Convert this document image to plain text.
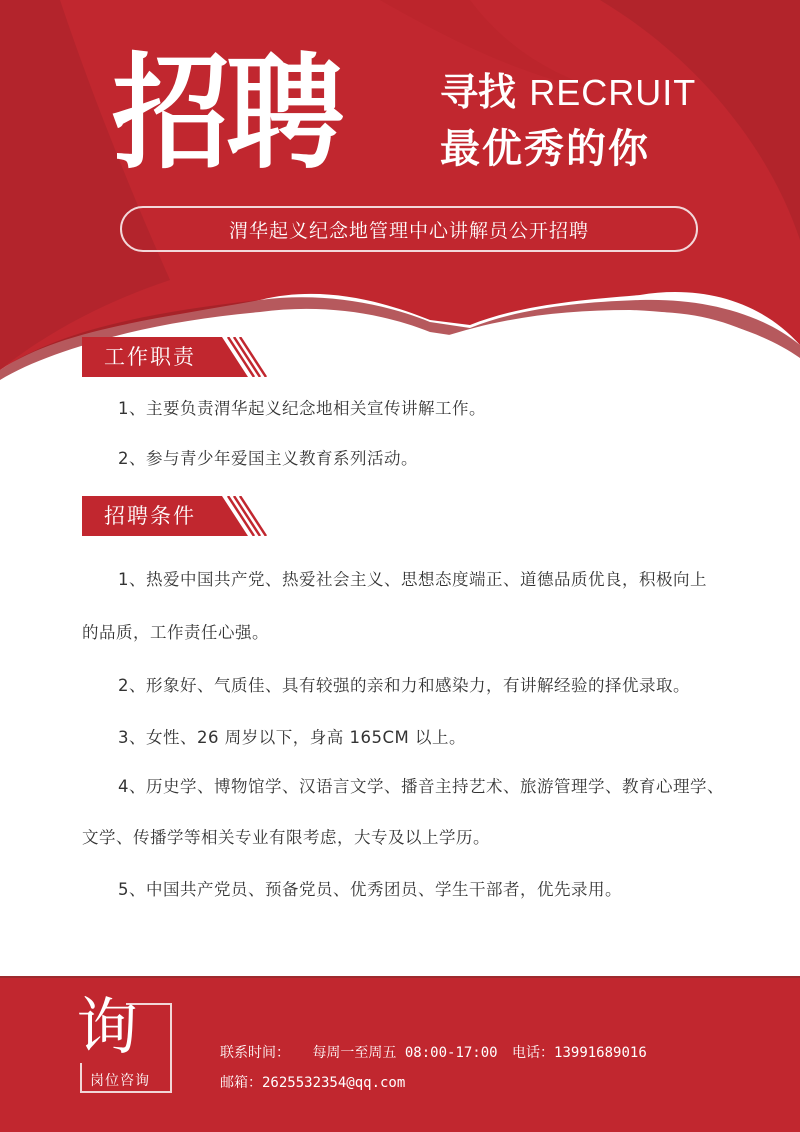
招聘	寻找 RECRUIT
最优秀的你
渭华起义纪念地管理中心讲解员公开招聘
工作职责
1、主要负责渭华起义纪念地相关宣传讲解工作。
2、参与青少年爱国主义教育系列活动。
招聘条件
1、热爱中国共产党、热爱社会主义、思想态度端正、道德品质优良，积极向上
的品质，工作责任心强。
2、形象好、气质佳、具有较强的亲和力和感染力，有讲解经验的择优录取。
3、女性、26 周岁以下，身高 165CM 以上。
4、历史学、博物馆学、汉语言文学、播音主持艺术、旅游管理学、教育心理学、
文学、传播学等相关专业有限考虑，大专及以上学历。
5、中国共产党员、预备党员、优秀团员、学生干部者，优先录用。
询
岗位咨询
联系时间： 每周一至周五 08:00-17:00 电话：13991689016
邮箱：2625532354@qq.com
